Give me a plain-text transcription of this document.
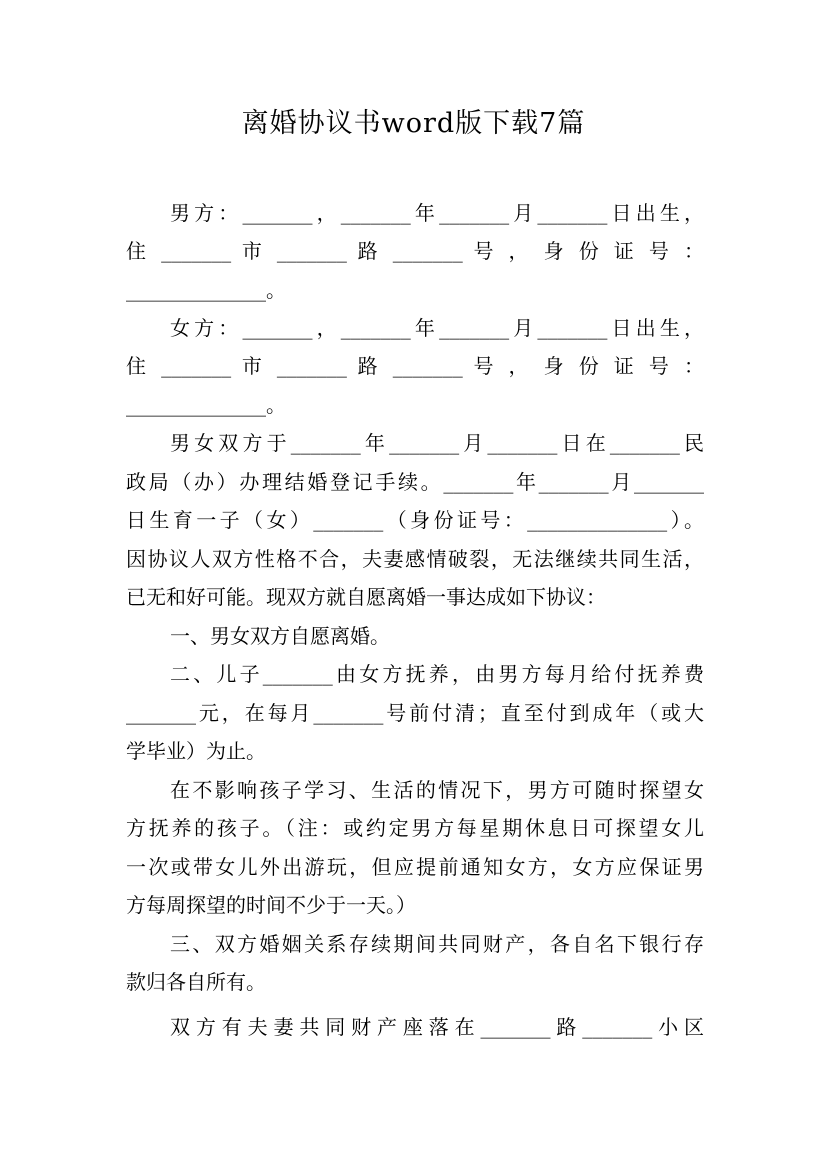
离婚协议书word版下载7篇
男方：_______，_______年_______月_______日出生，
住 _______ 市 _______ 路 _______ 号 ， 身 份 证 号 ：
______________。
女方：_______，_______年_______月_______日出生，
住 _______ 市 _______ 路 _______ 号 ， 身 份 证 号 ：
______________。
男女双方于_______年_______月_______日在_______民
政局（办）办理结婚登记手续。_______年_______月_______
日生育一子（女）_______（身份证号：______________）。
因协议人双方性格不合，夫妻感情破裂，无法继续共同生活，
已无和好可能。现双方就自愿离婚一事达成如下协议：
一、男女双方自愿离婚。
二、儿子_______由女方抚养，由男方每月给付抚养费
_______元，在每月_______号前付清；直至付到成年（或大
学毕业）为止。
在不影响孩子学习、生活的情况下，男方可随时探望女
方抚养的孩子。（注：或约定男方每星期休息日可探望女儿
一次或带女儿外出游玩，但应提前通知女方，女方应保证男
方每周探望的时间不少于一天。）
三、双方婚姻关系存续期间共同财产，各自名下银行存
款归各自所有。
双方有夫妻共同财产座落在_______路_______小区
